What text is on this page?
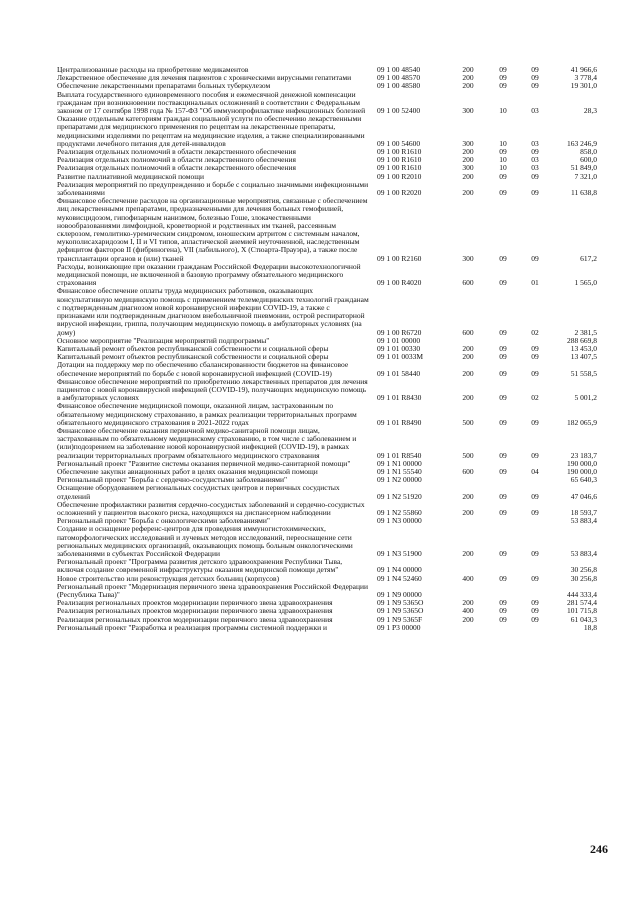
Централизованные расходы на приобретение медикаментов	09 1 00 48540	200	09	09	41 966,6
Лекарственное обеспечение для лечения пациентов с хроническими вирусными гепатитами	09 1 00 48570	200	09	09	3 778,4
Обеспечение лекарственными препаратами больных туберкулезом	09 1 00 48580	200	09	09	19 301,0
Выплата государственного единовременного пособия и ежемесячной денежной компенсации гражданам при возникновении поствакцинальных осложнений в соответствии с Федеральным законом от 17 сентября 1998 года № 157-ФЗ "Об иммунопрофилактике инфекционных болезней	09 1 00 52400	300	10	03	28,3
Оказание отдельным категориям граждан социальной услуги по обеспечению лекарственными препаратами для медицинского применения по рецептам на лекарственные препараты, медицинскими изделиями по рецептам на медицинские изделия, а также специализированными продуктами лечебного питания для детей-инвалидов	09 1 00 54600	300	10	03	163 246,9
Реализация отдельных полномочий в области лекарственного обеспечения	09 1 00 R1610	200	09	09	858,0
Реализация отдельных полномочий в области лекарственного обеспечения	09 1 00 R1610	200	10	03	600,0
Реализация отдельных полномочий в области лекарственного обеспечения	09 1 00 R1610	300	10	03	51 849,0
Развитие паллиативной медицинской помощи	09 1 00 R2010	200	09	09	7 321,0
Реализация мероприятий по предупреждению и борьбе с социально значимыми инфекционными заболеваниями	09 1 00 R2020	200	09	09	11 638,8
Финансовое обеспечение расходов на организационные мероприятия, связанные с обеспечением лиц лекарственными препаратами, предназначенными для лечения больных гемофилией, муковисцидозом, гипофизарным нанизмом, болезнью Гоше, злокачественными новообразованиями лимфоидной, кроветворной и родственных им тканей, рассеянным склерозом, гемолитико-уремическим синдромом, юношеским артритом с системным началом, мукополисахаридозом I, II и VI типов, апластической анемией неуточненной, наследственным дефицитом факторов II (фибриногена), VII (лабильного), X (Стюарта-Прауэра), а также после трансплантации органов и (или) тканей	09 1 00 R2160	300	09	09	617,2
Расходы, возникающие при оказании гражданам Российской Федерации высокотехнологичной медицинской помощи, не включенной в базовую программу обязательного медицинского страхования	09 1 00 R4020	600	09	01	1 565,0
Финансовое обеспечение оплаты труда медицинских работников, оказывающих консультативную медицинскую помощь с применением телемедицинских технологий гражданам с подтвержденным диагнозом новой коронавирусной инфекции COVID-19, а также с признаками или подтвержденным диагнозом внебольничной пневмонии, острой респираторной вирусной инфекции, гриппа, получающим медицинскую помощь в амбулаторных условиях (на дому)	09 1 00 R6720	600	09	02	2 381,5
Основное мероприятие "Реализация мероприятий подпрограммы"	09 1 01 00000	288 669,8
Капитальный ремонт объектов республиканской собственности и социальной сферы	09 1 01 00330	200	09	09	13 453,0
Капитальный ремонт объектов республиканской собственности и социальной сферы	09 1 01 0033M	200	09	09	13 407,5
Дотации на поддержку мер по обеспечению сбалансированности бюджетов на финансовое обеспечение мероприятий по борьбе с новой коронавирусной инфекцией (COVID-19)	09 1 01 58440	200	09	09	51 558,5
Финансовое обеспечение мероприятий по приобретению лекарственных препаратов для лечения пациентов с новой коронавирусной инфекцией (COVID-19), получающих медицинскую помощь в амбулаторных условиях	09 1 01 R8430	200	09	02	5 001,2
Финансовое обеспечение медицинской помощи, оказанной лицам, застрахованным по обязательному медицинскому страхованию, в рамках реализации территориальных программ обязательного медицинского страхования в 2021-2022 годах	09 1 01 R8490	500	09	09	182 065,9
Финансовое обеспечение оказания первичной медико-санитарной помощи лицам, застрахованным по обязательному медицинскому страхованию, в том числе с заболеванием и (или)подозрением на заболевание новой коронавирусной инфекцией (COVID-19), в рамках реализации территориальных программ обязательного медицинского страхования	09 1 01 R8540	500	09	09	23 183,7
Региональный проект "Развитие системы оказания первичной медико-санитарной помощи"	09 1 N1 00000	190 000,0
Обеспечение закупки авиационных работ в целях оказания медицинской помощи	09 1 N1 55540	600	09	04	190 000,0
Региональный проект "Борьба с сердечно-сосудистыми заболеваниями"	09 1 N2 00000	65 640,3
Оснащение оборудованием региональных сосудистых центров и первичных сосудистых отделений	09 1 N2 51920	200	09	09	47 046,6
Обеспечение профилактики развития сердечно-сосудистых заболеваний и сердечно-сосудистых осложнений у пациентов высокого риска, находящихся на диспансерном наблюдении	09 1 N2 55860	200	09	09	18 593,7
Региональный проект "Борьба с онкологическими заболеваниями"	09 1 N3 00000	53 883,4
Создание и оснащение референс-центров для проведения иммуногистохимических, патоморфологических исследований и лучевых методов исследований, переоснащение сети региональных медицинских организаций, оказывающих помощь больным онкологическими заболеваниями в субъектах Российской Федерации	09 1 N3 51900	200	09	09	53 883,4
Региональный проект "Программа развития детского здравоохранения Республики Тыва, включая создание современной инфраструктуры оказания медицинской помощи детям"	09 1 N4 00000	30 256,8
Новое строительство или реконструкция детских больниц (корпусов)	09 1 N4 52460	400	09	09	30 256,8
Региональный проект "Модернизация первичного звена здравоохранения Российской Федерации (Республика Тыва)"	09 1 N9 00000	444 333,4
Реализация региональных проектов модернизации первичного звена здравоохранения	09 1 N9 5365O	200	09	09	281 574,4
Реализация региональных проектов модернизации первичного звена здравоохранения	09 1 N9 5365O	400	09	09	101 715,8
Реализация региональных проектов модернизации первичного звена здравоохранения	09 1 N9 5365F	200	09	09	61 043,3
Региональный проект "Разработка и реализация программы системной поддержки и	09 1 P3 00000	18,8
246
